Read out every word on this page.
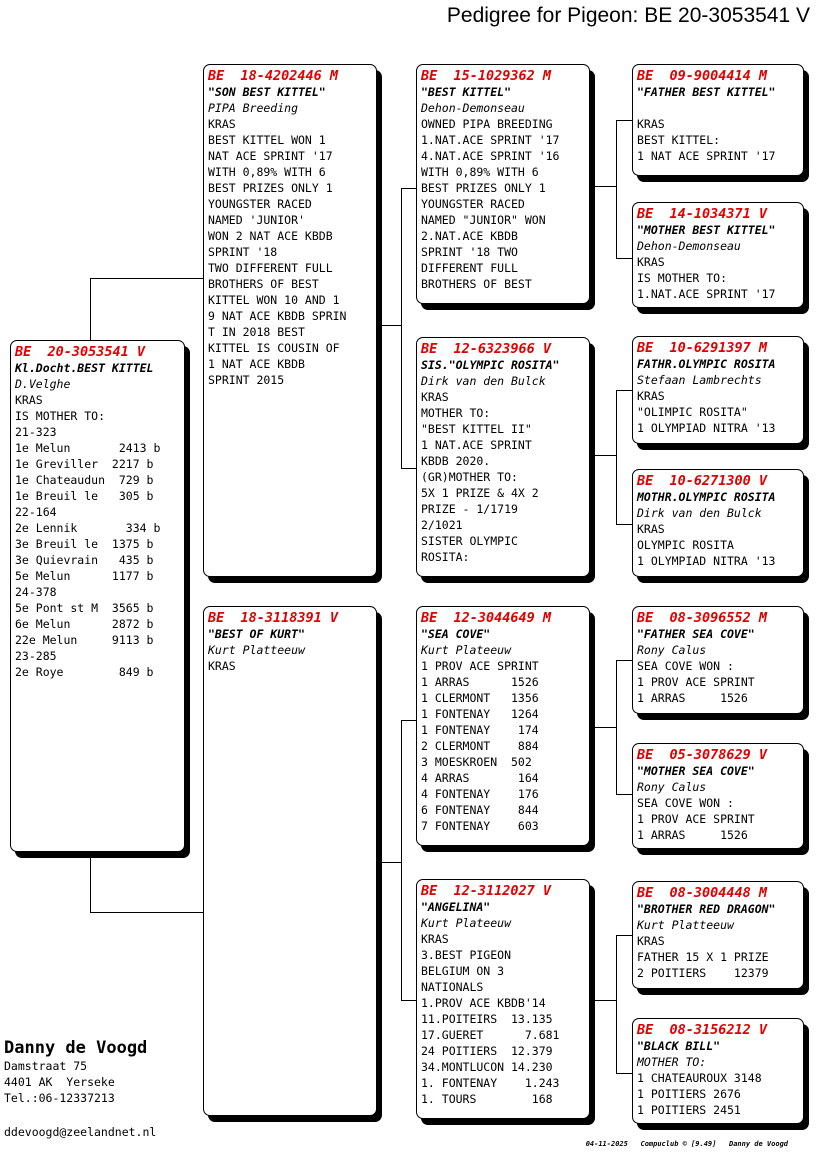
Pedigree for Pigeon: BE 20-3053541 V
BE  20-3053541 V
Kl.Docht.BEST KITTEL
D.Velghe
KRAS
IS MOTHER TO:
21-323
1e Melun       2413 b
1e Greviller  2217 b
1e Chateaudun  729 b
1e Breuil le   305 b
22-164
2e Lennik       334 b
3e Breuil le  1375 b
3e Quievrain   435 b
5e Melun      1177 b
24-378
5e Pont st M  3565 b
6e Melun      2872 b
22e Melun     9113 b
23-285
2e Roye        849 b
BE  18-4202446 M
"SON BEST KITTEL"
PIPA Breeding
KRAS
BEST KITTEL WON 1
NAT ACE SPRINT '17
WITH 0,89% WITH 6
BEST PRIZES ONLY 1
YOUNGSTER RACED
NAMED 'JUNIOR'
WON 2 NAT ACE KBDB
SPRINT '18
TWO DIFFERENT FULL
BROTHERS OF BEST
KITTEL WON 10 AND 1
9 NAT ACE KBDB SPRIN
T IN 2018 BEST
KITTEL IS COUSIN OF
1 NAT ACE KBDB
SPRINT 2015
BE  18-3118391 V
"BEST OF KURT"
Kurt Platteeuw
KRAS
BE  15-1029362 M
"BEST KITTEL"
Dehon-Demonseau
OWNED PIPA BREEDING
1.NAT.ACE SPRINT '17
4.NAT.ACE SPRINT '16
WITH 0,89% WITH 6
BEST PRIZES ONLY 1
YOUNGSTER RACED
NAMED "JUNIOR" WON
2.NAT.ACE KBDB
SPRINT '18 TWO
DIFFERENT FULL
BROTHERS OF BEST
BE  12-6323966 V
SIS."OLYMPIC ROSITA"
Dirk van den Bulck
KRAS
MOTHER TO:
"BEST KITTEL II"
1 NAT.ACE SPRINT
KBDB 2020.
(GR)MOTHER TO:
5X 1 PRIZE & 4X 2
PRIZE - 1/1719
2/1021
SISTER OLYMPIC
ROSITA:
BE  12-3044649 M
"SEA COVE"
Kurt Plateeuw
1 PROV ACE SPRINT
1 ARRAS      1526
1 CLERMONT   1356
1 FONTENAY   1264
1 FONTENAY    174
2 CLERMONT    884
3 MOESKROEN  502
4 ARRAS       164
4 FONTENAY    176
6 FONTENAY    844
7 FONTENAY    603
BE  12-3112027 V
"ANGELINA"
Kurt Plateeuw
KRAS
3.BEST PIGEON
BELGIUM ON 3
NATIONALS
1.PROV ACE KBDB'14
11.POITEIRS  13.135
17.GUERET      7.681
24 POITIERS  12.379
34.MONTLUCON 14.230
1. FONTENAY    1.243
1. TOURS        168
BE  09-9004414 M
"FATHER BEST KITTEL"

KRAS
BEST KITTEL:
1 NAT ACE SPRINT '17
BE  14-1034371 V
"MOTHER BEST KITTEL"
Dehon-Demonseau
KRAS
IS MOTHER TO:
1.NAT.ACE SPRINT '17
BE  10-6291397 M
FATHR.OLYMPIC ROSITA
Stefaan Lambrechts
KRAS
"OLIMPIC ROSITA"
1 OLYMPIAD NITRA '13
BE  10-6271300 V
MOTHR.OLYMPIC ROSITA
Dirk van den Bulck
KRAS
OLYMPIC ROSITA
1 OLYMPIAD NITRA '13
BE  08-3096552 M
"FATHER SEA COVE"
Rony Calus
SEA COVE WON :
1 PROV ACE SPRINT
1 ARRAS     1526
BE  05-3078629 V
"MOTHER SEA COVE"
Rony Calus
SEA COVE WON :
1 PROV ACE SPRINT
1 ARRAS     1526
BE  08-3004448 M
"BROTHER RED DRAGON"
Kurt Platteeuw
KRAS
FATHER 15 X 1 PRIZE
2 POITIERS    12379
BE  08-3156212 V
"BLACK BILL"
MOTHER TO:
1 CHATEAUROUX 3148
1 POITIERS 2676
1 POITIERS 2451
Danny de Voogd
Damstraat 75
4401 AK  Yerseke
Tel.:06-12337213
ddevoogd@zeelandnet.nl
04-11-2025   Compuclub © [9.49]   Danny de Voogd
